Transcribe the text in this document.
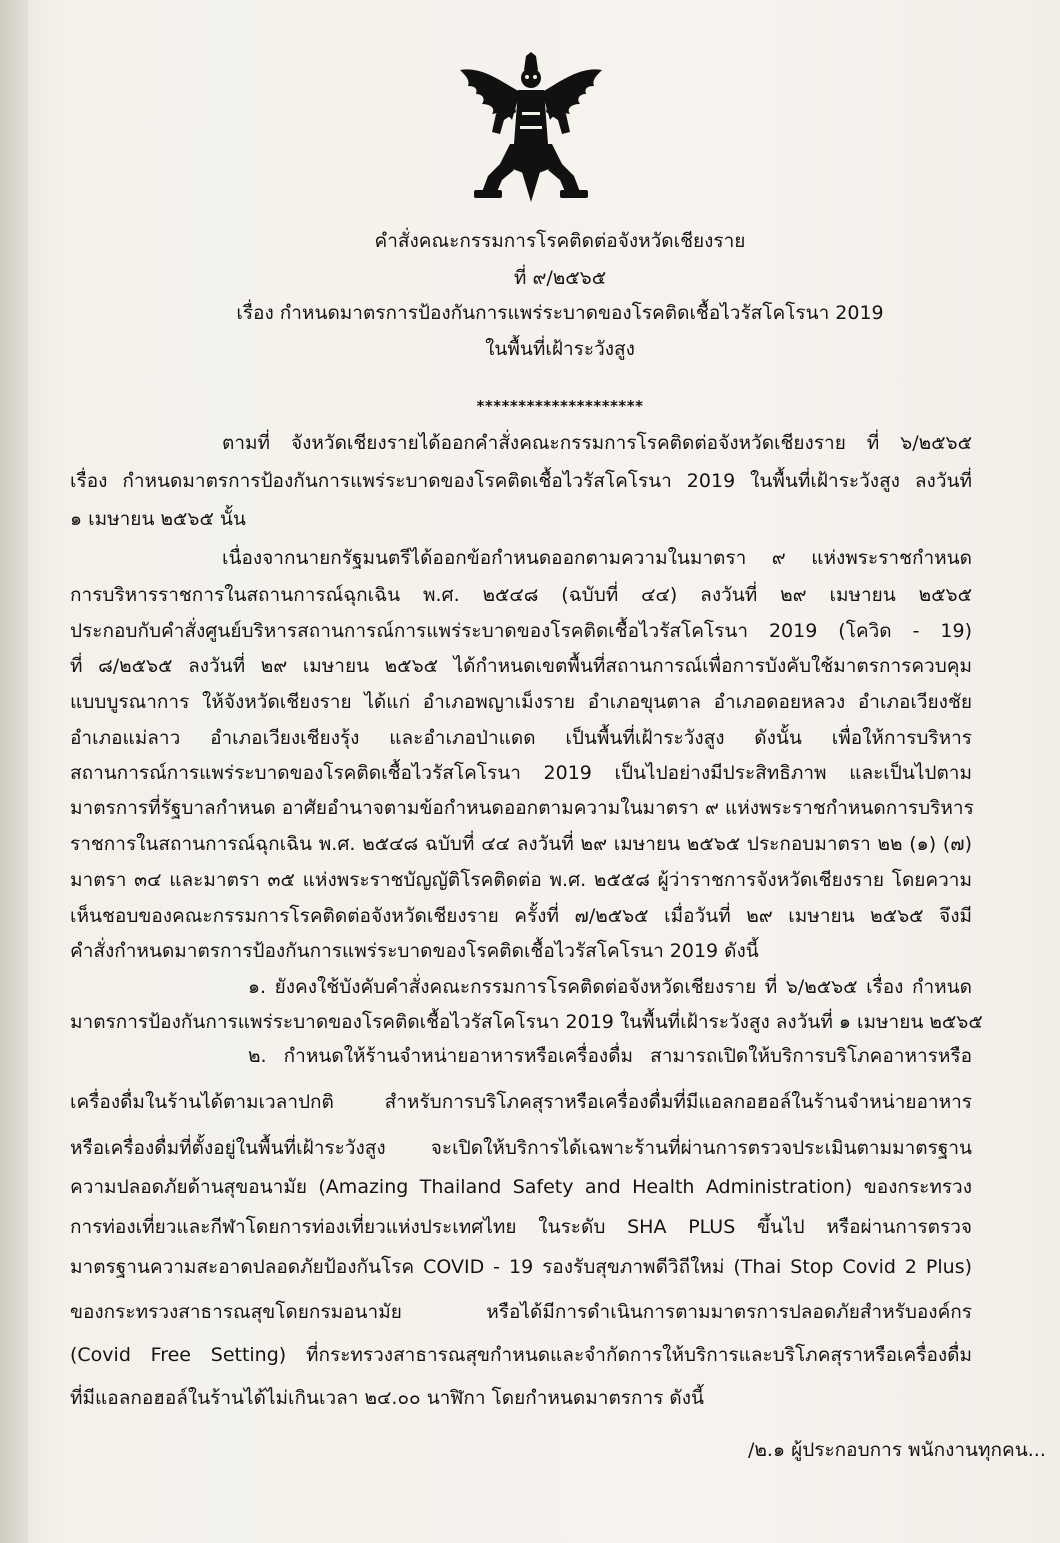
คำสั่งคณะกรรมการโรคติดต่อจังหวัดเชียงราย
ที่ ๙/๒๕๖๕
เรื่อง กำหนดมาตรการป้องกันการแพร่ระบาดของโรคติดเชื้อไวรัสโคโรนา 2019
ในพื้นที่เฝ้าระวังสูง
********************
ตามที่ จังหวัดเชียงรายได้ออกคำสั่งคณะกรรมการโรคติดต่อจังหวัดเชียงราย ที่ ๖/๒๕๖๕
เรื่อง กำหนดมาตรการป้องกันการแพร่ระบาดของโรคติดเชื้อไวรัสโคโรนา 2019 ในพื้นที่เฝ้าระวังสูง ลงวันที่
๑ เมษายน ๒๕๖๕ นั้น
เนื่องจากนายกรัฐมนตรีได้ออกข้อกำหนดออกตามความในมาตรา ๙ แห่งพระราชกำหนด
การบริหารราชการในสถานการณ์ฉุกเฉิน พ.ศ. ๒๕๔๘ (ฉบับที่ ๔๔) ลงวันที่ ๒๙ เมษายน ๒๕๖๕
ประกอบกับคำสั่งศูนย์บริหารสถานการณ์การแพร่ระบาดของโรคติดเชื้อไวรัสโคโรนา 2019 (โควิด - 19)
ที่ ๘/๒๕๖๕ ลงวันที่ ๒๙ เมษายน ๒๕๖๕ ได้กำหนดเขตพื้นที่สถานการณ์เพื่อการบังคับใช้มาตรการควบคุม
แบบบูรณาการ ให้จังหวัดเชียงราย ได้แก่ อำเภอพญาเม็งราย อำเภอขุนตาล อำเภอดอยหลวง อำเภอเวียงชัย
อำเภอแม่ลาว อำเภอเวียงเชียงรุ้ง และอำเภอป่าแดด เป็นพื้นที่เฝ้าระวังสูง ดังนั้น เพื่อให้การบริหาร
สถานการณ์การแพร่ระบาดของโรคติดเชื้อไวรัสโคโรนา 2019 เป็นไปอย่างมีประสิทธิภาพ และเป็นไปตาม
มาตรการที่รัฐบาลกำหนด อาศัยอำนาจตามข้อกำหนดออกตามความในมาตรา ๙ แห่งพระราชกำหนดการบริหาร
ราชการในสถานการณ์ฉุกเฉิน พ.ศ. ๒๕๔๘ ฉบับที่ ๔๔ ลงวันที่ ๒๙ เมษายน ๒๕๖๕ ประกอบมาตรา ๒๒ (๑) (๗)
มาตรา ๓๔ และมาตรา ๓๕ แห่งพระราชบัญญัติโรคติดต่อ พ.ศ. ๒๕๕๘ ผู้ว่าราชการจังหวัดเชียงราย โดยความ
เห็นชอบของคณะกรรมการโรคติดต่อจังหวัดเชียงราย ครั้งที่ ๗/๒๕๖๕ เมื่อวันที่ ๒๙ เมษายน ๒๕๖๕ จึงมี
คำสั่งกำหนดมาตรการป้องกันการแพร่ระบาดของโรคติดเชื้อไวรัสโคโรนา 2019 ดังนี้
๑. ยังคงใช้บังคับคำสั่งคณะกรรมการโรคติดต่อจังหวัดเชียงราย ที่ ๖/๒๕๖๕ เรื่อง กำหนด
มาตรการป้องกันการแพร่ระบาดของโรคติดเชื้อไวรัสโคโรนา 2019 ในพื้นที่เฝ้าระวังสูง ลงวันที่ ๑ เมษายน ๒๕๖๕
๒. กำหนดให้ร้านจำหน่ายอาหารหรือเครื่องดื่ม สามารถเปิดให้บริการบริโภคอาหารหรือ
เครื่องดื่มในร้านได้ตามเวลาปกติ สำหรับการบริโภคสุราหรือเครื่องดื่มที่มีแอลกอฮอล์ในร้านจำหน่ายอาหาร
หรือเครื่องดื่มที่ตั้งอยู่ในพื้นที่เฝ้าระวังสูง จะเปิดให้บริการได้เฉพาะร้านที่ผ่านการตรวจประเมินตามมาตรฐาน
ความปลอดภัยด้านสุขอนามัย (Amazing Thailand Safety and Health Administration) ของกระทรวง
การท่องเที่ยวและกีฬาโดยการท่องเที่ยวแห่งประเทศไทย ในระดับ SHA PLUS ขึ้นไป หรือผ่านการตรวจ
มาตรฐานความสะอาดปลอดภัยป้องกันโรค COVID - 19 รองรับสุขภาพดีวิถีใหม่ (Thai Stop Covid 2 Plus)
ของกระทรวงสาธารณสุขโดยกรมอนามัย หรือได้มีการดำเนินการตามมาตรการปลอดภัยสำหรับองค์กร
(Covid Free Setting) ที่กระทรวงสาธารณสุขกำหนดและจำกัดการให้บริการและบริโภคสุราหรือเครื่องดื่ม
ที่มีแอลกอฮอล์ในร้านได้ไม่เกินเวลา ๒๔.๐๐ นาฬิกา โดยกำหนดมาตรการ ดังนี้
/๒.๑ ผู้ประกอบการ พนักงานทุกคน...
